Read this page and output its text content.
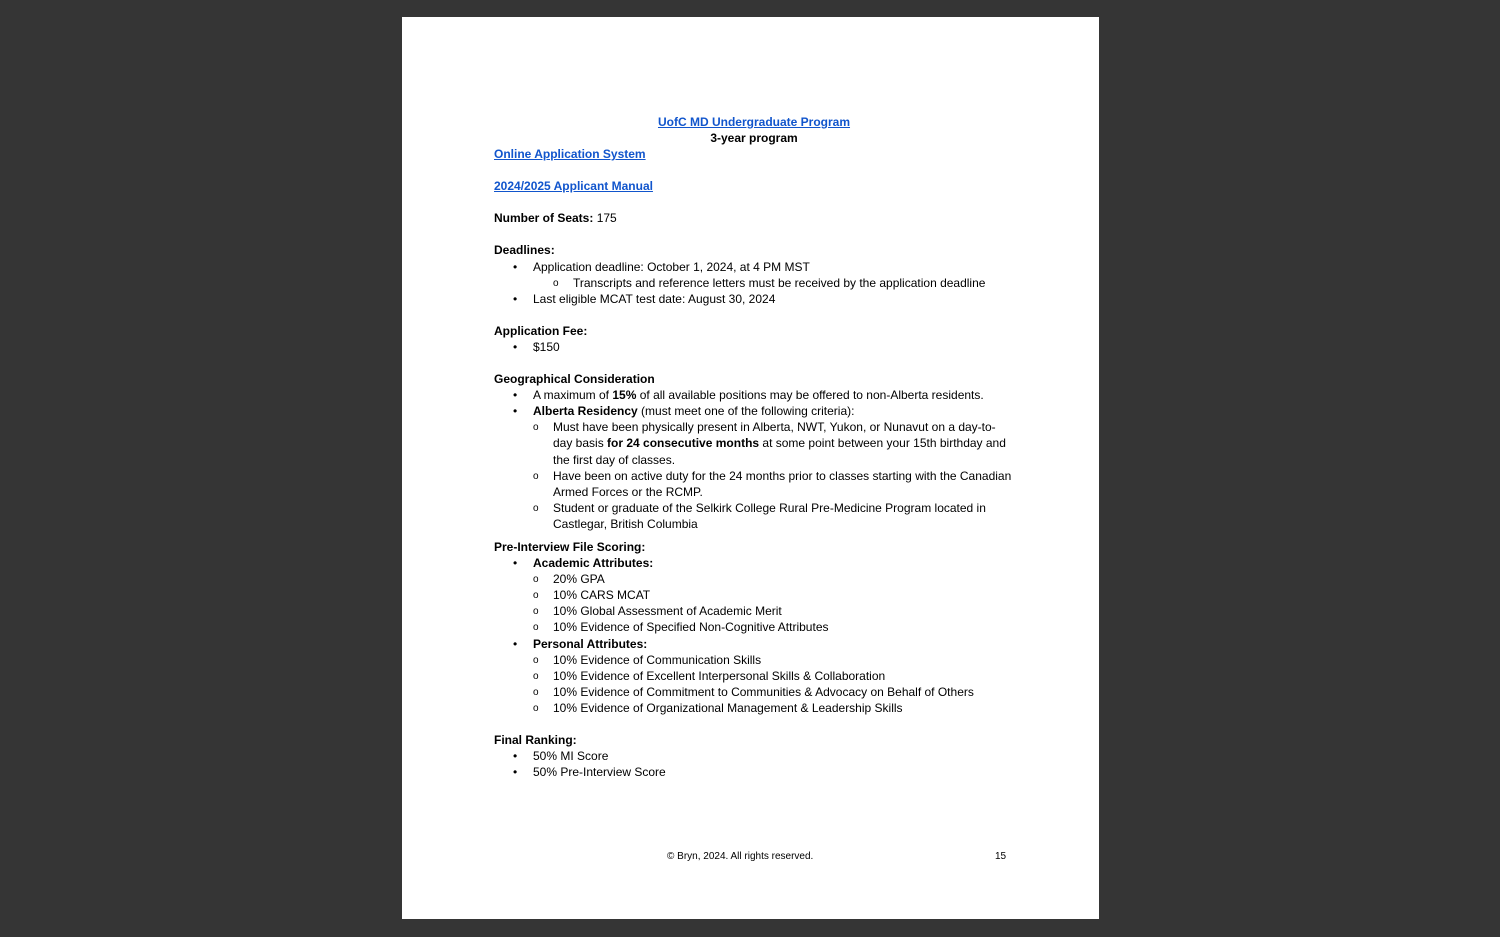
UofC MD Undergraduate Program

3-year program

Online Application System

2024/2025 Applicant Manual

Number of Seats: 175

Deadlines:

• Application deadline: October 1, 2024, at 4 PM MST
o Transcripts and reference letters must be received by the application deadline
• Last eligible MCAT test date: August 30, 2024

Application Fee:

• $150

Geographical Consideration

• A maximum of 15% of all available positions may be offered to non-Alberta residents.
• Alberta Residency (must meet one of the following criteria):
o Must have been physically present in Alberta, NWT, Yukon, or Nunavut on a day-to-day basis for 24 consecutive months at some point between your 15th birthday and the first day of classes.
o Have been on active duty for the 24 months prior to classes starting with the Canadian Armed Forces or the RCMP.
o Student or graduate of the Selkirk College Rural Pre-Medicine Program located in Castlegar, British Columbia

Pre-Interview File Scoring:

• Academic Attributes:
o 20% GPA
o 10% CARS MCAT
o 10% Global Assessment of Academic Merit
o 10% Evidence of Specified Non-Cognitive Attributes
• Personal Attributes:
o 10% Evidence of Communication Skills
o 10% Evidence of Excellent Interpersonal Skills & Collaboration
o 10% Evidence of Commitment to Communities & Advocacy on Behalf of Others
o 10% Evidence of Organizational Management & Leadership Skills

Final Ranking:

• 50% MI Score
• 50% Pre-Interview Score
© Bryn, 2024. All rights reserved.	15
